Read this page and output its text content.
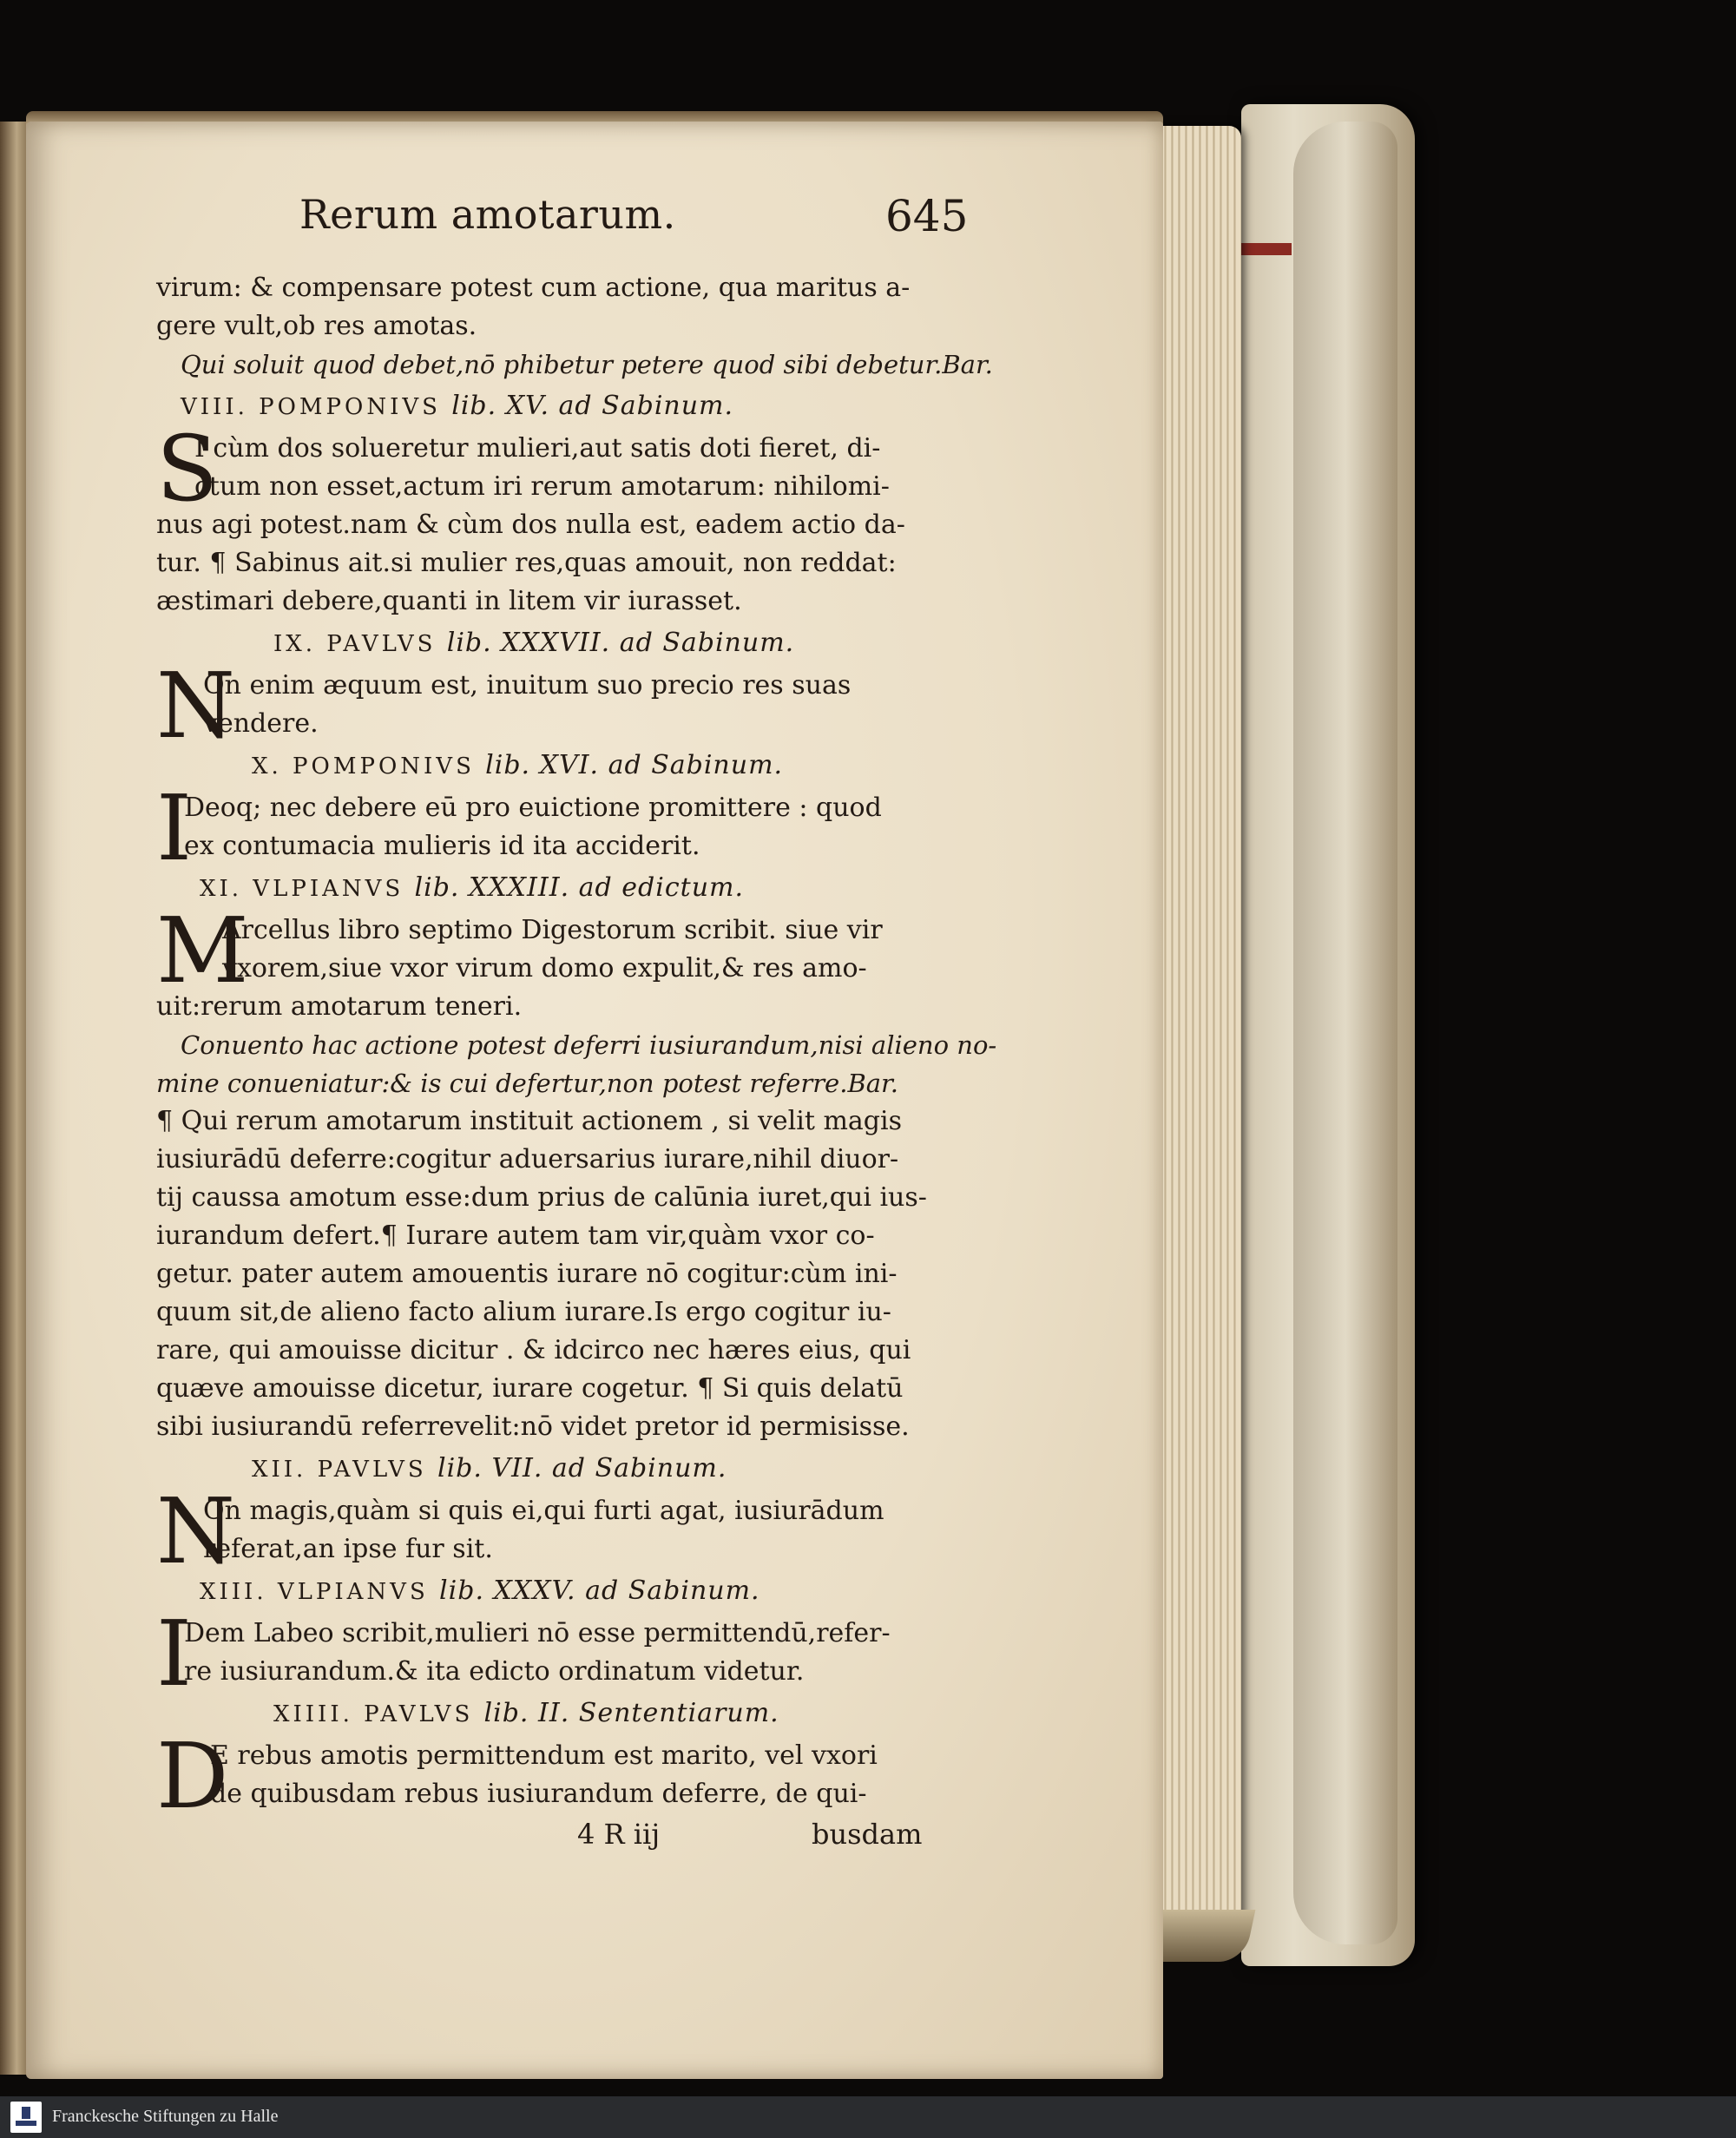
Rerum amotarum.	645

virum: & compensare potest cum actione, qua maritus a-

gere vult,ob res amotas.

Qui soluit quod debet,nō phibetur petere quod sibi debetur.Bar.

VIII. POMPONIVS lib. XV. ad Sabinum.

S

I cùm dos solueretur mulieri,aut satis doti fieret, di-

ctum non esset,actum iri rerum amotarum: nihilomi-

nus agi potest.nam & cùm dos nulla est, eadem actio da-

tur. ¶ Sabinus ait.si mulier res,quas amouit, non reddat:

æstimari debere,quanti in litem vir iurasset.

IX. PAVLVS lib. XXXVII. ad Sabinum.

N

On enim æquum est, inuitum suo precio res suas

vendere.

X. POMPONIVS lib. XVI. ad Sabinum.

I

Deoq; nec debere eū pro euictione promittere : quod

ex contumacia mulieris id ita acciderit.

XI. VLPIANVS lib. XXXIII. ad edictum.

M

Arcellus libro septimo Digestorum scribit. siue vir

vxorem,siue vxor virum domo expulit,& res amo-

uit:rerum amotarum teneri.

Conuento hac actione potest deferri iusiurandum,nisi alieno no-

mine conueniatur:& is cui defertur,non potest referre.Bar.

¶ Qui rerum amotarum instituit actionem , si velit magis

iusiurādū deferre:cogitur aduersarius iurare,nihil diuor-

tij caussa amotum esse:dum prius de calūnia iuret,qui ius-

iurandum defert.¶ Iurare autem tam vir,quàm vxor co-

getur. pater autem amouentis iurare nō cogitur:cùm ini-

quum sit,de alieno facto alium iurare.Is ergo cogitur iu-

rare, qui amouisse dicitur . & idcirco nec hæres eius, qui

quæve amouisse dicetur, iurare cogetur. ¶ Si quis delatū

sibi iusiurandū referrevelit:nō videt pretor id permisisse.

XII. PAVLVS lib. VII. ad Sabinum.

N

On magis,quàm si quis ei,qui furti agat, iusiurādum

referat,an ipse fur sit.

XIII. VLPIANVS lib. XXXV. ad Sabinum.

I

Dem Labeo scribit,mulieri nō esse permittendū,refer-

re iusiurandum.& ita edicto ordinatum videtur.

XIIII. PAVLVS lib. II. Sententiarum.

D

E rebus amotis permittendum est marito, vel vxori

de quibusdam rebus iusiurandum deferre, de qui-

4 R iij	busdam
Franckesche Stiftungen zu Halle
